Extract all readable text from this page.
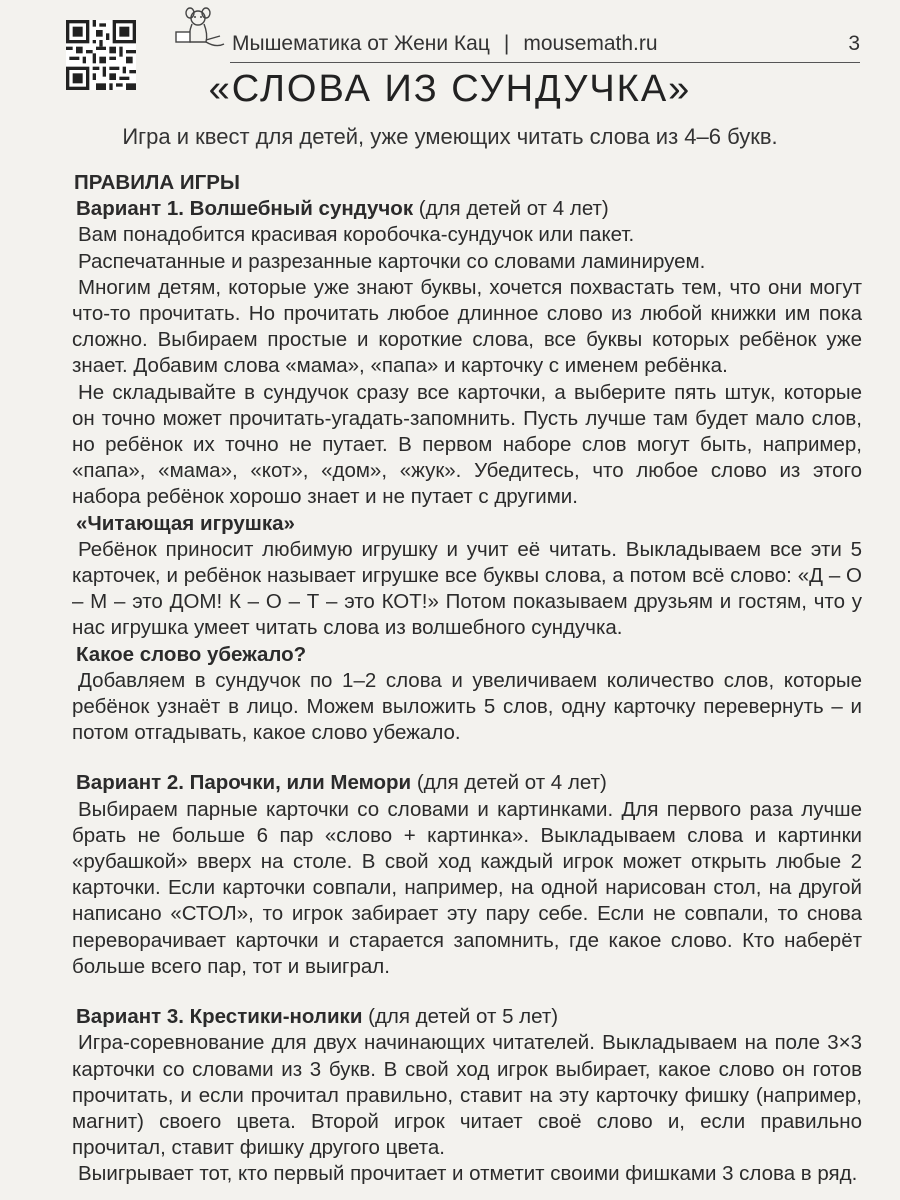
Мышематика от Жени Кац | mousemath.ru	3
«СЛОВА ИЗ СУНДУЧКА»
Игра и квест для детей, уже умеющих читать слова из 4–6 букв.
ПРАВИЛА ИГРЫ
Вариант 1. Волшебный сундучок (для детей от 4 лет)

Вам понадобится красивая коробочка-сундучок или пакет.

Распечатанные и разрезанные карточки со словами ламинируем.

Многим детям, которые уже знают буквы, хочется похвастать тем, что они могут что-то прочитать. Но прочитать любое длинное слово из любой книжки им пока сложно. Выбираем простые и короткие слова, все буквы которых ребёнок уже знает. Добавим слова «мама», «папа» и карточку с именем ребёнка.

Не складывайте в сундучок сразу все карточки, а выберите пять штук, которые он точно может прочитать-угадать-запомнить. Пусть лучше там будет мало слов, но ребёнок их точно не путает. В первом наборе слов могут быть, например, «папа», «мама», «кот», «дом», «жук». Убедитесь, что любое слово из этого набора ребёнок хорошо знает и не путает с другими.

«Читающая игрушка»

Ребёнок приносит любимую игрушку и учит её читать. Выкладываем все эти 5 карточек, и ребёнок называет игрушке все буквы слова, а потом всё слово: «Д – О – М – это ДОМ! К – О – Т – это КОТ!» Потом показываем друзьям и гостям, что у нас игрушка умеет читать слова из волшебного сундучка.

Какое слово убежало?

Добавляем в сундучок по 1–2 слова и увеличиваем количество слов, которые ребёнок узнаёт в лицо. Можем выложить 5 слов, одну карточку перевернуть – и потом отгадывать, какое слово убежало.

Вариант 2. Парочки, или Мемори (для детей от 4 лет)

Выбираем парные карточки со словами и картинками. Для первого раза лучше брать не больше 6 пар «слово + картинка». Выкладываем слова и картинки «рубашкой» вверх на столе. В свой ход каждый игрок может открыть любые 2 карточки. Если карточки совпали, например, на одной нарисован стол, на другой написано «СТОЛ», то игрок забирает эту пару себе. Если не совпали, то снова переворачивает карточки и старается запомнить, где какое слово. Кто наберёт больше всего пар, тот и выиграл.

Вариант 3. Крестики-нолики (для детей от 5 лет)

Игра-соревнование для двух начинающих читателей. Выкладываем на поле 3×3 карточки со словами из 3 букв. В свой ход игрок выбирает, какое слово он готов прочитать, и если прочитал правильно, ставит на эту карточку фишку (например, магнит) своего цвета. Второй игрок читает своё слово и, если правильно прочитал, ставит фишку другого цвета.

Выигрывает тот, кто первый прочитает и отметит своими фишками 3 слова в ряд.
